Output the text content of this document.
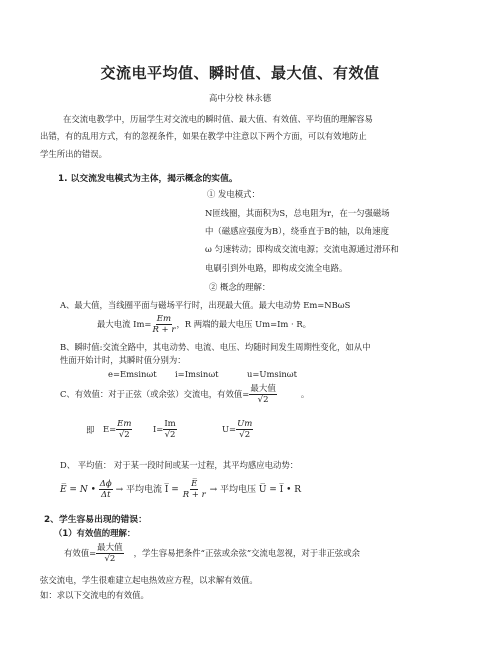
交流电平均值、瞬时值、最大值、有效值
高中分校 林永德
在交流电教学中，历届学生对交流电的瞬时值、最大值、有效值、平均值的理解容易
出错，有的乱用方式，有的忽视条件，如果在教学中注意以下两个方面，可以有效地防止
学生所出的错误。
1. 以交流发电模式为主体，揭示概念的实值。
① 发电模式：
N匝线圈，其面积为S，总电阻为r，在一匀强磁场
中（磁感应强度为B），绕垂直于B的轴，以角速度
ω 匀速转动；即构成交流电源；交流电源通过滑环和
电刷引到外电路，即构成交流全电路。
② 概念的理解：
A、最大值，当线圈平面与磁场平行时，出现最大值。最大电动势 Em=NBωS
最大电流 $Im= \frac{Em}{R + r}$ ，R 两端的最大电压 Um=Im · R。
B、瞬时值:交流全路中，其电动势、电流、电压、均随时间发生周期性变化，如从中
性面开始计时，其瞬时值分别为：
e=Emsinωt i=Imsinωt	u=Umsinωt
C、有效值：对于正弦（或余弦）交流电，有效值= $\frac{\text{最大值}}{√2}$	。
即 $E= \frac{Em}{√2} I= \frac{Im}{√2}$	$U= \frac{Um}{√2}$
D、 平均值： 对于某一段时间或某一过程，其平均感应电动势：
E̅ = N • $\frac{\Delta\phi}{\Delta t}$ → 平均电流 I̅ = $\frac{E̅}{R + r}$ → 平均电压 U̅ = I̅ • R
2、学生容易出现的错误：
（1）有效值的理解：
有效值= $\frac{\text{最大值}}{√2}$ ，学生容易把条件“正弦或余弦”交流电忽视，对于非正弦或余
弦交流电，学生很难建立起电热效应方程，以求解有效值。
如：求以下交流电的有效值。
